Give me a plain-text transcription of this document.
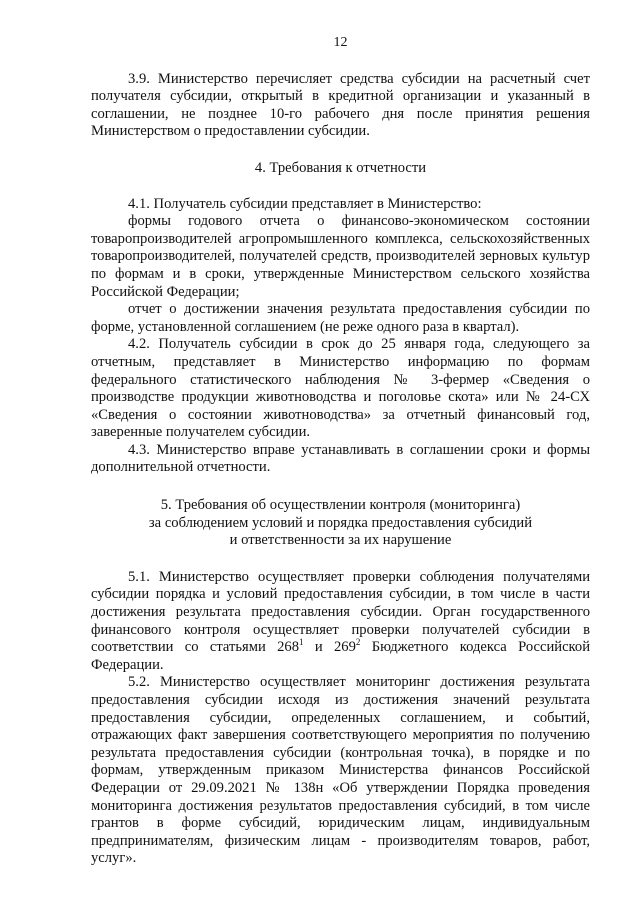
12

3.9. Министерство перечисляет средства субсидии на расчетный счет получателя субсидии, открытый в кредитной организации и указанный в соглашении, не позднее 10-го рабочего дня после принятия решения Министерством о предоставлении субсидии.

4. Требования к отчетности

4.1. Получатель субсидии представляет в Министерство:

формы годового отчета о финансово-экономическом состоянии товаропроизводителей агропромышленного комплекса, сельскохозяйственных товаропроизводителей, получателей средств, производителей зерновых культур по формам и в сроки, утвержденные Министерством сельского хозяйства Российской Федерации;

отчет о достижении значения результата предоставления субсидии по форме, установленной соглашением (не реже одного раза в квартал).

4.2. Получатель субсидии в срок до 25 января года, следующего за отчетным, представляет в Министерство информацию по формам федерального статистического наблюдения № 3-фермер «Сведения о производстве продукции животноводства и поголовье скота» или № 24-СХ «Сведения о состоянии животноводства» за отчетный финансовый год, заверенные получателем субсидии.

4.3. Министерство вправе устанавливать в соглашении сроки и формы дополнительной отчетности.

5. Требования об осуществлении контроля (мониторинга)
за соблюдением условий и порядка предоставления субсидий
и ответственности за их нарушение

5.1. Министерство осуществляет проверки соблюдения получателями субсидии порядка и условий предоставления субсидии, в том числе в части достижения результата предоставления субсидии. Орган государственного финансового контроля осуществляет проверки получателей субсидии в соответствии со статьями $268^1$ и $269^2$ Бюджетного кодекса Российской Федерации.

5.2. Министерство осуществляет мониторинг достижения результата предоставления субсидии исходя из достижения значений результата предоставления субсидии, определенных соглашением, и событий, отражающих факт завершения соответствующего мероприятия по получению результата предоставления субсидии (контрольная точка), в порядке и по формам, утвержденным приказом Министерства финансов Российской Федерации от 29.09.2021 № 138н «Об утверждении Порядка проведения мониторинга достижения результатов предоставления субсидий, в том числе грантов в форме субсидий, юридическим лицам, индивидуальным предпринимателям, физическим лицам - производителям товаров, работ, услуг».
